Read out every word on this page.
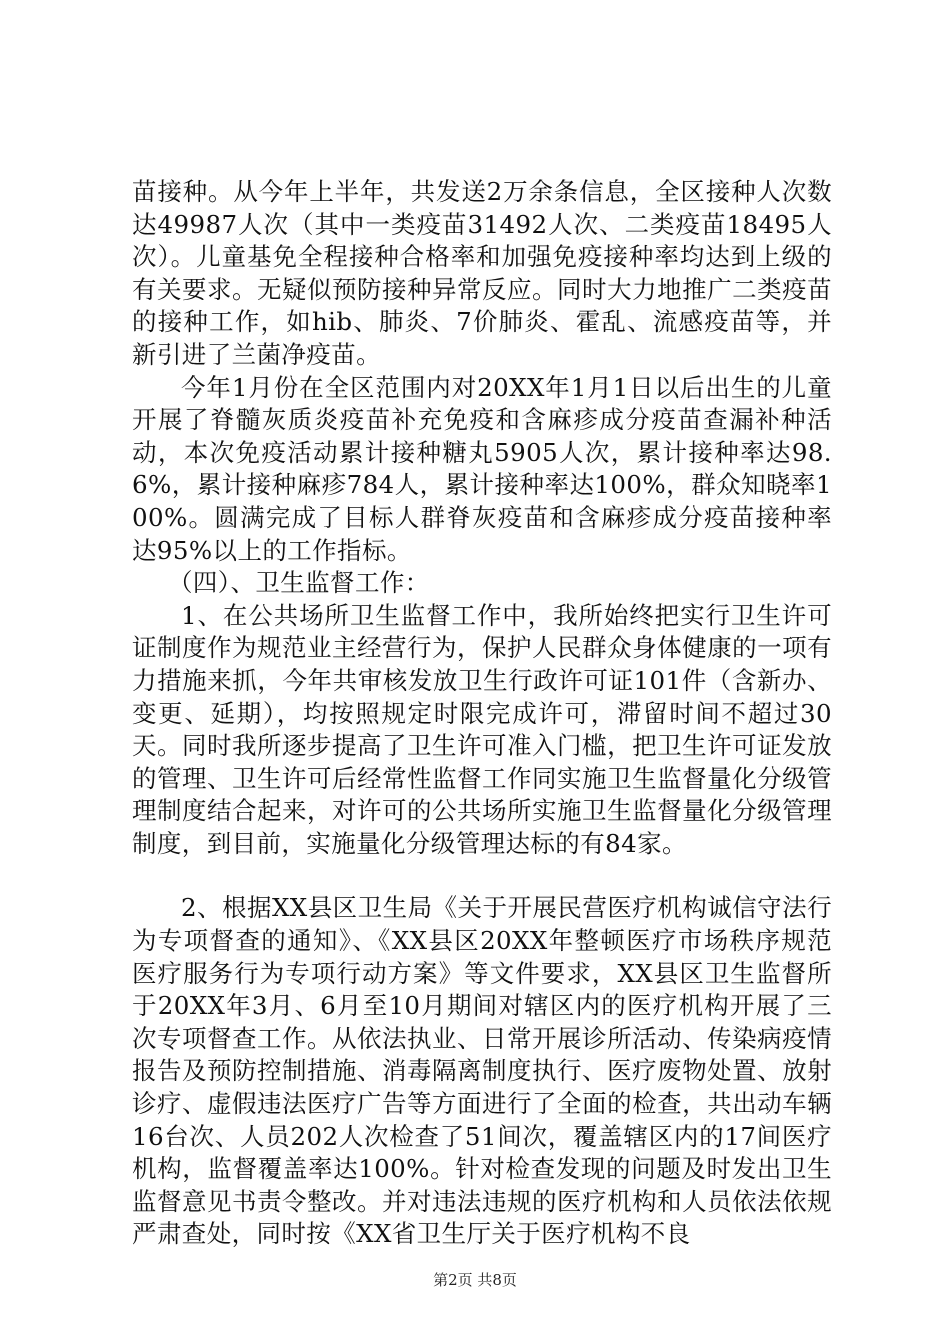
苗接种。从今年上半年，共发送2万余条信息，全区接种人次数达49987人次（其中一类疫苗31492人次、二类疫苗18495人次）。儿童基免全程接种合格率和加强免疫接种率均达到上级的有关要求。无疑似预防接种异常反应。同时大力地推广二类疫苗的接种工作，如hib、肺炎、7价肺炎、霍乱、流感疫苗等，并新引进了兰菌净疫苗。

今年1月份在全区范围内对20XX年1月1日以后出生的儿童开展了脊髓灰质炎疫苗补充免疫和含麻疹成分疫苗查漏补种活动，本次免疫活动累计接种糖丸5905人次，累计接种率达98.6%，累计接种麻疹784人，累计接种率达100%，群众知晓率100%。圆满完成了目标人群脊灰疫苗和含麻疹成分疫苗接种率达95%以上的工作指标。

（四）、卫生监督工作：

1、在公共场所卫生监督工作中，我所始终把实行卫生许可证制度作为规范业主经营行为，保护人民群众身体健康的一项有力措施来抓，今年共审核发放卫生行政许可证101件（含新办、变更、延期），均按照规定时限完成许可，滞留时间不超过30天。同时我所逐步提高了卫生许可准入门槛，把卫生许可证发放的管理、卫生许可后经常性监督工作同实施卫生监督量化分级管理制度结合起来，对许可的公共场所实施卫生监督量化分级管理制度，到目前，实施量化分级管理达标的有84家。

2、根据XX县区卫生局《关于开展民营医疗机构诚信守法行为专项督查的通知》、《XX县区20XX年整顿医疗市场秩序规范医疗服务行为专项行动方案》等文件要求，XX县区卫生监督所于20XX年3月、6月至10月期间对辖区内的医疗机构开展了三次专项督查工作。从依法执业、日常开展诊所活动、传染病疫情报告及预防控制措施、消毒隔离制度执行、医疗废物处置、放射诊疗、虚假违法医疗广告等方面进行了全面的检查，共出动车辆16台次、人员202人次检查了51间次，覆盖辖区内的17间医疗机构，监督覆盖率达100%。针对检查发现的问题及时发出卫生监督意见书责令整改。并对违法违规的医疗机构和人员依法依规严肃查处，同时按《XX省卫生厅关于医疗机构不良

第2页 共8页
